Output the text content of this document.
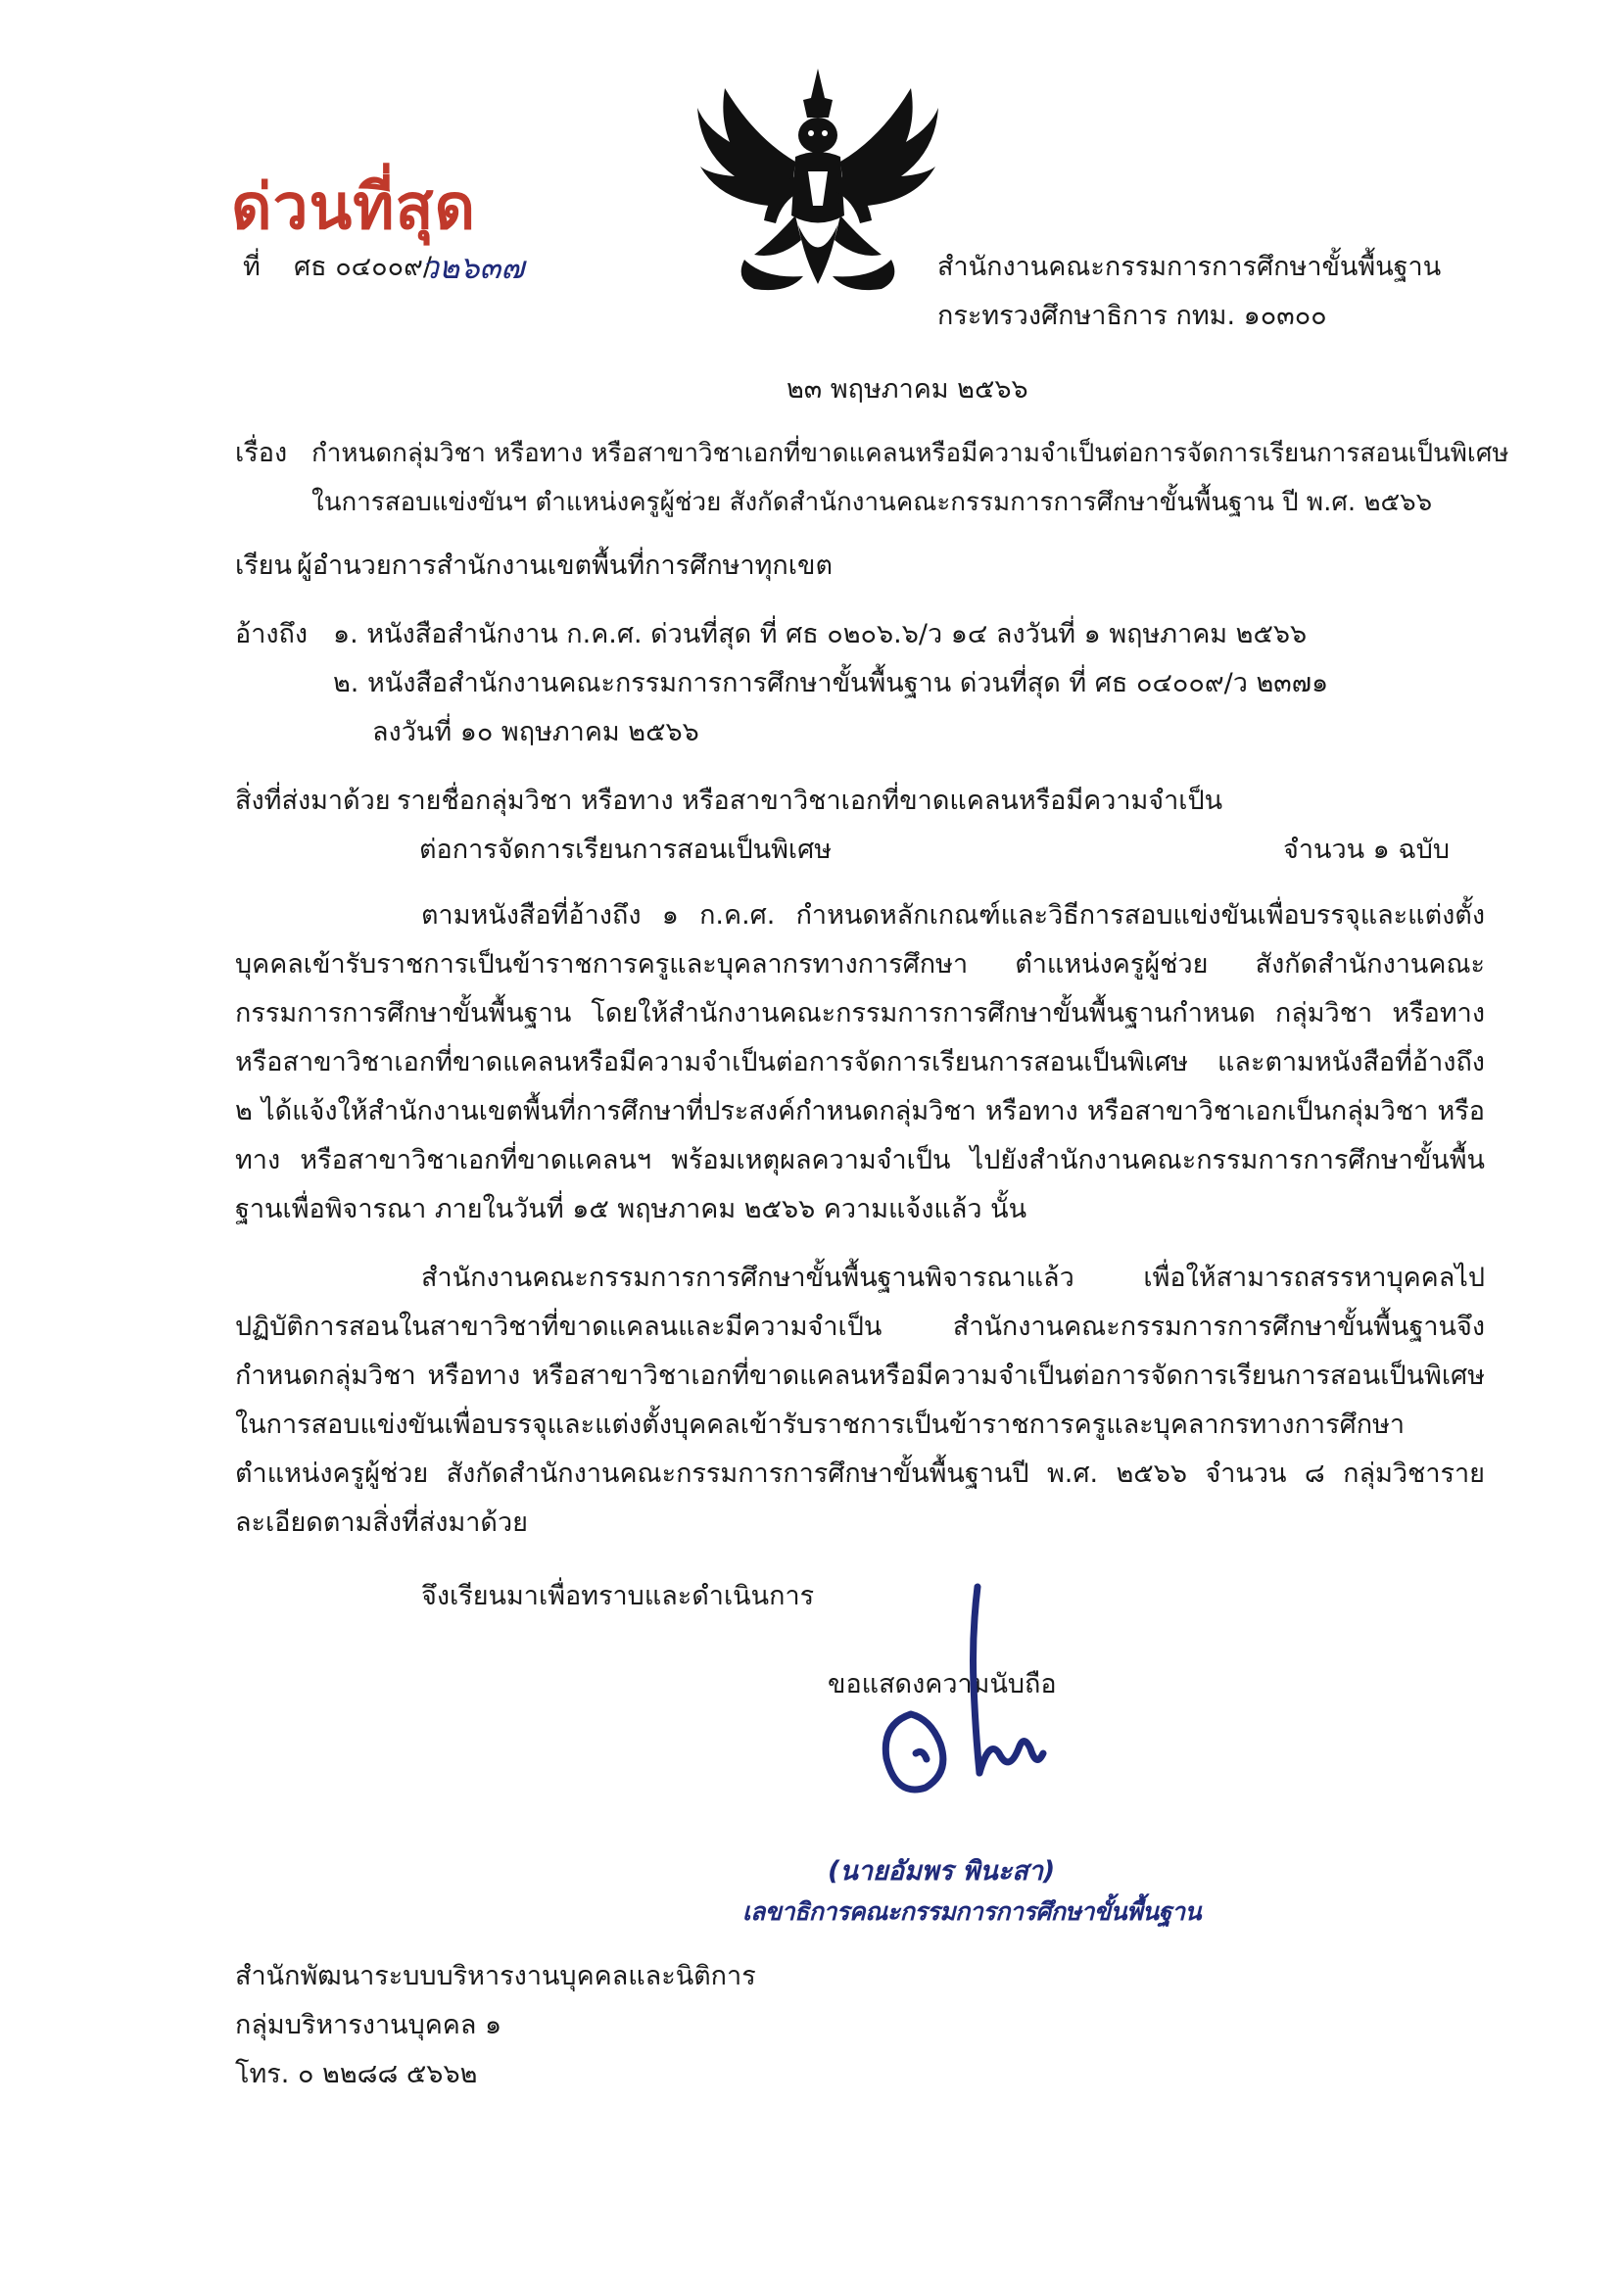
ด่วนที่สุด
ที่ ศธ ๐๔๐๐๙/
ว๒๖๓๗	สำนักงานคณะกรรมการการศึกษาขั้นพื้นฐาน
กระทรวงศึกษาธิการ กทม. ๑๐๓๐๐
๒๓ พฤษภาคม ๒๕๖๖
เรื่อง กำหนดกลุ่มวิชา หรือทาง หรือสาขาวิชาเอกที่ขาดแคลนหรือมีความจำเป็นต่อการจัดการเรียนการสอนเป็นพิเศษ
ในการสอบแข่งขันฯ ตำแหน่งครูผู้ช่วย สังกัดสำนักงานคณะกรรมการการศึกษาขั้นพื้นฐาน ปี พ.ศ. ๒๕๖๖
เรียน ผู้อำนวยการสำนักงานเขตพื้นที่การศึกษาทุกเขต
อ้างถึง ๑. หนังสือสำนักงาน ก.ค.ศ. ด่วนที่สุด ที่ ศธ ๐๒๐๖.๖/ว ๑๔ ลงวันที่ ๑ พฤษภาคม ๒๕๖๖
๒. หนังสือสำนักงานคณะกรรมการการศึกษาขั้นพื้นฐาน ด่วนที่สุด ที่ ศธ ๐๔๐๐๙/ว ๒๓๗๑
ลงวันที่ ๑๐ พฤษภาคม ๒๕๖๖
สิ่งที่ส่งมาด้วย รายชื่อกลุ่มวิชา หรือทาง หรือสาขาวิชาเอกที่ขาดแคลนหรือมีความจำเป็น
ต่อการจัดการเรียนการสอนเป็นพิเศษ	จำนวน ๑ ฉบับ
ตามหนังสือที่อ้างถึง ๑ ก.ค.ศ. กำหนดหลักเกณฑ์และวิธีการสอบแข่งขันเพื่อบรรจุและแต่งตั้งบุคคลเข้ารับราชการเป็นข้าราชการครูและบุคลากรทางการศึกษา ตำแหน่งครูผู้ช่วย สังกัดสำนักงานคณะกรรมการการศึกษาขั้นพื้นฐาน โดยให้สำนักงานคณะกรรมการการศึกษาขั้นพื้นฐานกำหนด กลุ่มวิชา หรือทาง หรือสาขาวิชาเอกที่ขาดแคลนหรือมีความจำเป็นต่อการจัดการเรียนการสอนเป็นพิเศษ และตามหนังสือที่อ้างถึง ๒ ได้แจ้งให้สำนักงานเขตพื้นที่การศึกษาที่ประสงค์กำหนดกลุ่มวิชา หรือทาง หรือสาขาวิชาเอกเป็นกลุ่มวิชา หรือทาง หรือสาขาวิชาเอกที่ขาดแคลนฯ พร้อมเหตุผลความจำเป็น ไปยังสำนักงานคณะกรรมการการศึกษาขั้นพื้นฐานเพื่อพิจารณา ภายในวันที่ ๑๕ พฤษภาคม ๒๕๖๖ ความแจ้งแล้ว นั้น
สำนักงานคณะกรรมการการศึกษาขั้นพื้นฐานพิจารณาแล้ว เพื่อให้สามารถสรรหาบุคคลไปปฏิบัติการสอนในสาขาวิชาที่ขาดแคลนและมีความจำเป็น สำนักงานคณะกรรมการการศึกษาขั้นพื้นฐานจึงกำหนดกลุ่มวิชา หรือทาง หรือสาขาวิชาเอกที่ขาดแคลนหรือมีความจำเป็นต่อการจัดการเรียนการสอนเป็นพิเศษในการสอบแข่งขันเพื่อบรรจุและแต่งตั้งบุคคลเข้ารับราชการเป็นข้าราชการครูและบุคลากรทางการศึกษาตำแหน่งครูผู้ช่วย สังกัดสำนักงานคณะกรรมการการศึกษาขั้นพื้นฐานปี พ.ศ. ๒๕๖๖ จำนวน ๘ กลุ่มวิชารายละเอียดตามสิ่งที่ส่งมาด้วย
จึงเรียนมาเพื่อทราบและดำเนินการ
ขอแสดงความนับถือ
(นายอัมพร พินะสา)
เลขาธิการคณะกรรมการการศึกษาขั้นพื้นฐาน
สำนักพัฒนาระบบบริหารงานบุคคลและนิติการ
กลุ่มบริหารงานบุคคล ๑
โทร. ๐ ๒๒๘๘ ๕๖๖๒
